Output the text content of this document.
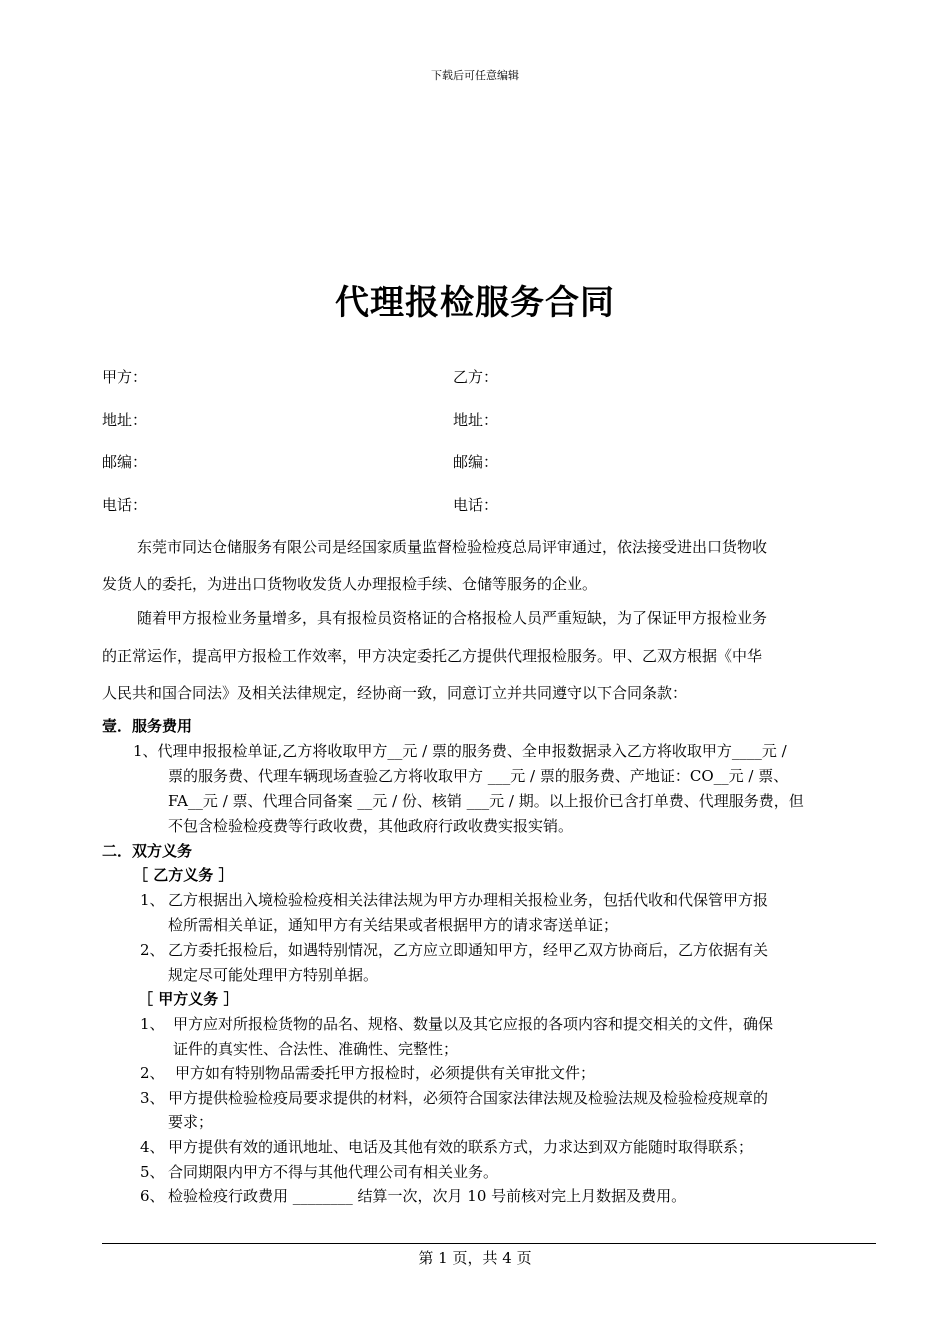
下载后可任意编辑
代理报检服务合同
甲方：	乙方：
地址：	地址：
邮编：	邮编：
电话：	电话：
东莞市同达仓储服务有限公司是经国家质量监督检验检疫总局评审通过，依法接受进出口货物收
发货人的委托，为进出口货物收发货人办理报检手续、仓储等服务的企业。
随着甲方报检业务量增多，具有报检员资格证的合格报检人员严重短缺，为了保证甲方报检业务
的正常运作，提高甲方报检工作效率，甲方决定委托乙方提供代理报检服务。甲、乙双方根据《中华
人民共和国合同法》及相关法律规定，经协商一致，同意订立并共同遵守以下合同条款：
壹．服务费用
1、代理申报报检单证,乙方将收取甲方__元 / 票的服务费、全申报数据录入乙方将收取甲方____元 /
票的服务费、代理车辆现场查验乙方将收取甲方 ___元 / 票的服务费、产地证：CO__元 / 票、
FA__元 / 票、代理合同备案 __元 / 份、核销 ___元 / 期。以上报价已含打单费、代理服务费，但
不包含检验检疫费等行政收费，其他政府行政收费实报实销。
二．双方义务
［ 乙方义务 ］
1、 乙方根据出入境检验检疫相关法律法规为甲方办理相关报检业务，包括代收和代保管甲方报
检所需相关单证，通知甲方有关结果或者根据甲方的请求寄送单证；
2、 乙方委托报检后，如遇特别情况，乙方应立即通知甲方，经甲乙双方协商后，乙方依据有关
规定尽可能处理甲方特别单据。
［ 甲方义务 ］
1、 甲方应对所报检货物的品名、规格、数量以及其它应报的各项内容和提交相关的文件，确保
证件的真实性、合法性、准确性、完整性；
2、 甲方如有特别物品需委托甲方报检时，必须提供有关审批文件；
3、 甲方提供检验检疫局要求提供的材料，必须符合国家法律法规及检验法规及检验检疫规章的
要求；
4、 甲方提供有效的通讯地址、电话及其他有效的联系方式，力求达到双方能随时取得联系；
5、 合同期限内甲方不得与其他代理公司有相关业务。
6、 检验检疫行政费用 ________ 结算一次，次月 10 号前核对完上月数据及费用。
第 1 页，共 4 页
